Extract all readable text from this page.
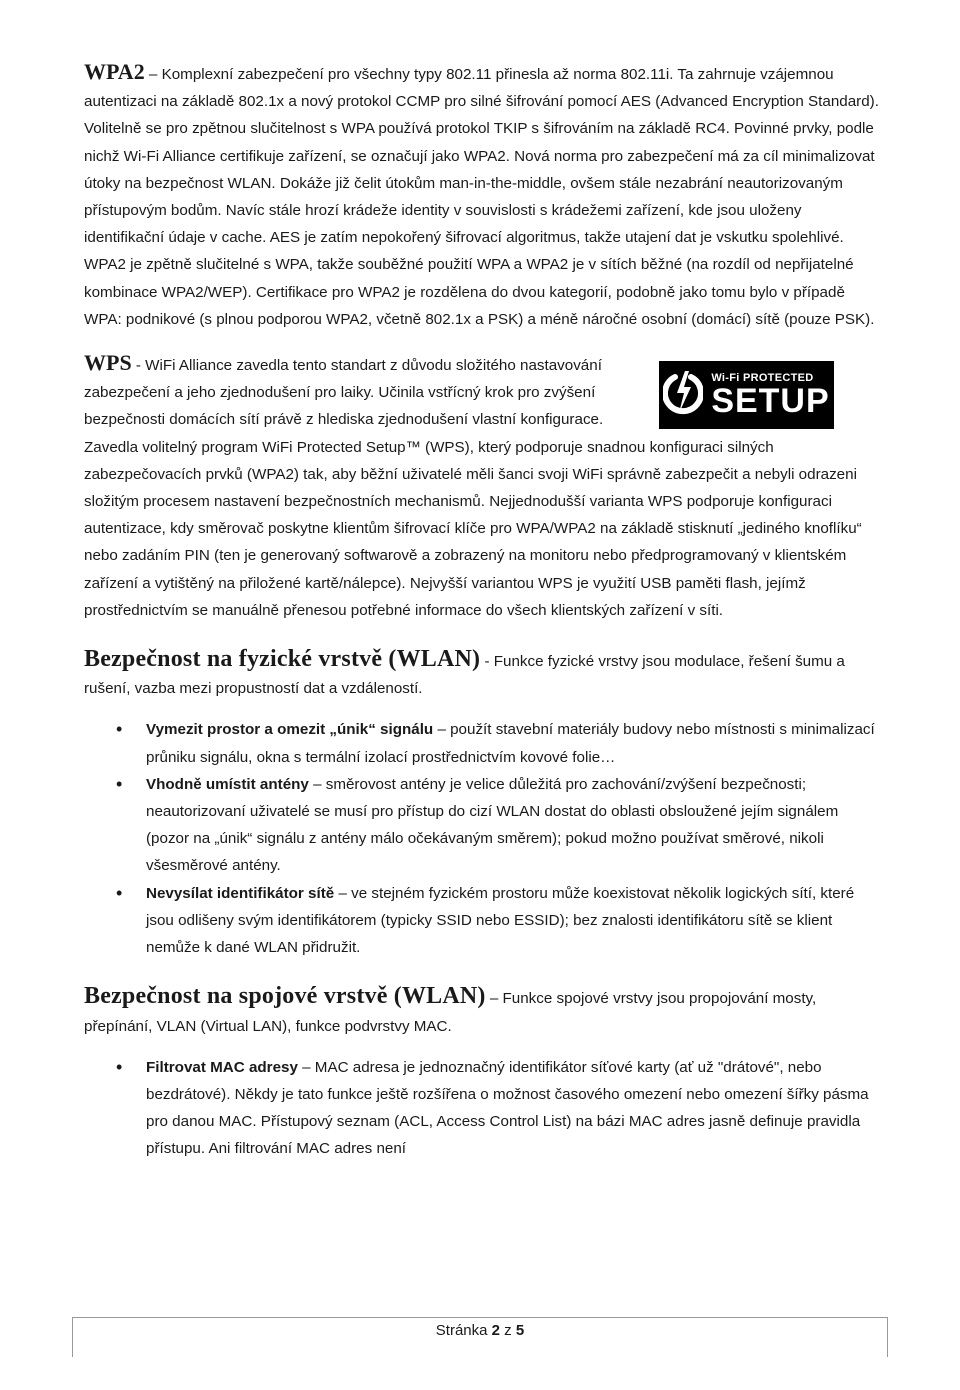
WPA2 – Komplexní zabezpečení pro všechny typy 802.11 přinesla až norma 802.11i. Ta zahrnuje vzájemnou autentizaci na základě 802.1x a nový protokol CCMP pro silné šifrování pomocí AES (Advanced Encryption Standard). Volitelně se pro zpětnou slučitelnost s WPA používá protokol TKIP s šifrováním na základě RC4. Povinné prvky, podle nichž Wi-Fi Alliance certifikuje zařízení, se označují jako WPA2. Nová norma pro zabezpečení má za cíl minimalizovat útoky na bezpečnost WLAN. Dokáže již čelit útokům man-in-the-middle, ovšem stále nezabrání neautorizovaným přístupovým bodům. Navíc stále hrozí krádeže identity v souvislosti s krádežemi zařízení, kde jsou uloženy identifikační údaje v cache. AES je zatím nepokořený šifrovací algoritmus, takže utajení dat je vskutku spolehlivé. WPA2 je zpětně slučitelné s WPA, takže souběžné použití WPA a WPA2 je v sítích běžné (na rozdíl od nepřijatelné kombinace WPA2/WEP). Certifikace pro WPA2 je rozdělena do dvou kategorií, podobně jako tomu bylo v případě WPA: podnikové (s plnou podporou WPA2, včetně 802.1x a PSK) a méně náročné osobní (domácí) sítě (pouze PSK).

Wi-Fi PROTECTED
SETUP

WPS - WiFi Alliance zavedla tento standart z důvodu složitého nastavování zabezpečení a jeho zjednodušení pro laiky. Učinila vstřícný krok pro zvýšení bezpečnosti domácích sítí právě z hlediska zjednodušení vlastní konfigurace. Zavedla volitelný program WiFi Protected Setup™ (WPS), který podporuje snadnou konfiguraci silných zabezpečovacích prvků (WPA2) tak, aby běžní uživatelé měli šanci svoji WiFi správně zabezpečit a nebyli odrazeni složitým procesem nastavení bezpečnostních mechanismů. Nejjednodušší varianta WPS podporuje konfiguraci autentizace, kdy směrovač poskytne klientům šifrovací klíče pro WPA/WPA2 na základě stisknutí „jediného knoflíku“ nebo zadáním PIN (ten je generovaný softwarově a zobrazený na monitoru nebo předprogramovaný v klientském zařízení a vytištěný na přiložené kartě/nálepce). Nejvyšší variantou WPS je využití USB paměti flash, jejímž prostřednictvím se manuálně přenesou potřebné informace do všech klientských zařízení v síti.

Bezpečnost na fyzické vrstvě (WLAN) - Funkce fyzické vrstvy jsou modulace, řešení šumu a rušení, vazba mezi propustností dat a vzdáleností.

• Vymezit prostor a omezit „únik“ signálu – použít stavební materiály budovy nebo místnosti s minimalizací průniku signálu, okna s termální izolací prostřednictvím kovové folie…
• Vhodně umístit antény – směrovost antény je velice důležitá pro zachování/zvýšení bezpečnosti; neautorizovaní uživatelé se musí pro přístup do cizí WLAN dostat do oblasti obsloužené jejím signálem (pozor na „únik“ signálu z antény málo očekávaným směrem); pokud možno používat směrové, nikoli všesměrové antény.
• Nevysílat identifikátor sítě – ve stejném fyzickém prostoru může koexistovat několik logických sítí, které jsou odlišeny svým identifikátorem (typicky SSID nebo ESSID); bez znalosti identifikátoru sítě se klient nemůže k dané WLAN přidružit.

Bezpečnost na spojové vrstvě (WLAN) – Funkce spojové vrstvy jsou propojování mosty, přepínání, VLAN (Virtual LAN), funkce podvrstvy MAC.

• Filtrovat MAC adresy – MAC adresa je jednoznačný identifikátor síťové karty (ať už "drátové", nebo bezdrátové). Někdy je tato funkce ještě rozšířena o možnost časového omezení nebo omezení šířky pásma pro danou MAC. Přístupový seznam (ACL, Access Control List) na bázi MAC adres jasně definuje pravidla přístupu. Ani filtrování MAC adres není
Stránka 2 z 5
